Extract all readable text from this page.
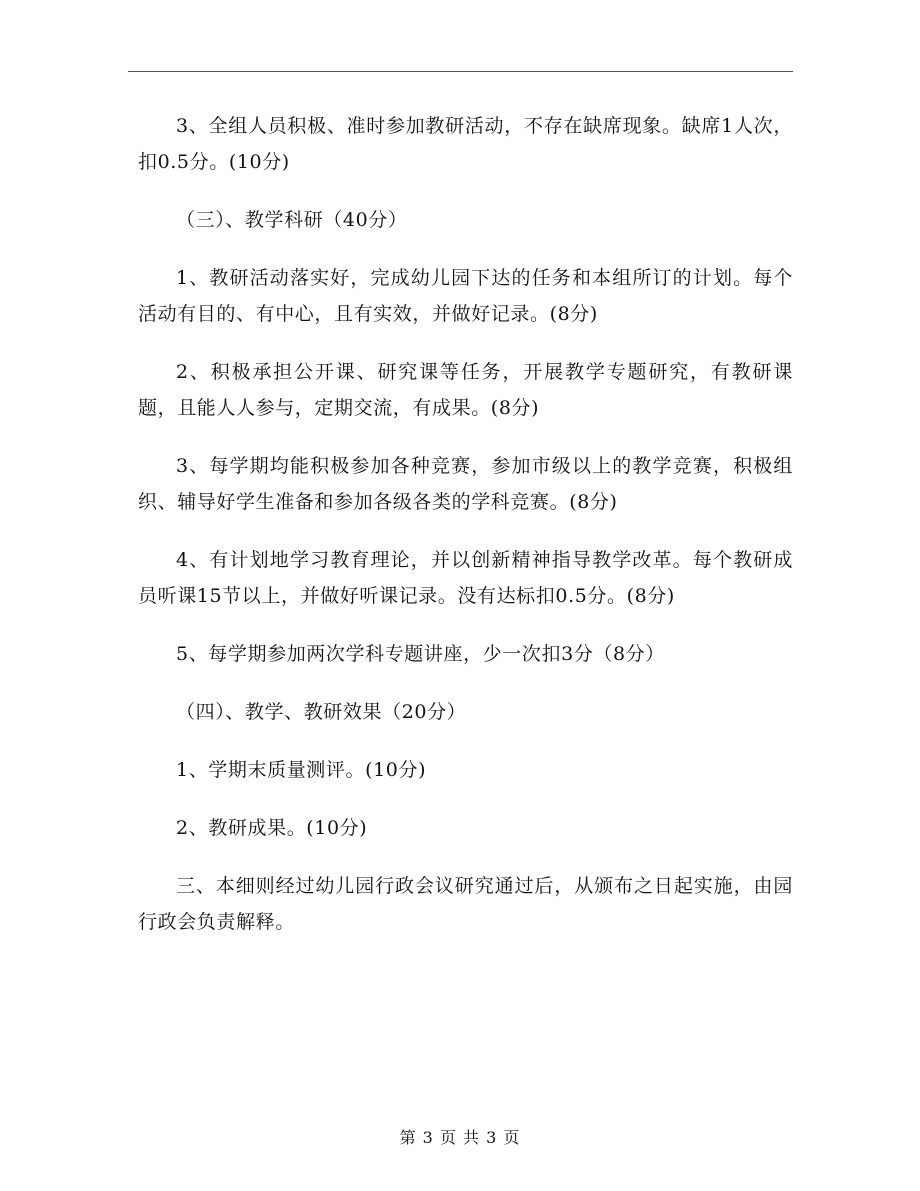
3、全组人员积极、准时参加教研活动，不存在缺席现象。缺席1人次，扣0.5分。(10分)

（三）、教学科研（40分）

1、教研活动落实好，完成幼儿园下达的任务和本组所订的计划。每个活动有目的、有中心，且有实效，并做好记录。(8分)

2、积极承担公开课、研究课等任务，开展教学专题研究，有教研课题，且能人人参与，定期交流，有成果。(8分)

3、每学期均能积极参加各种竞赛，参加市级以上的教学竞赛，积极组织、辅导好学生准备和参加各级各类的学科竞赛。(8分)

4、有计划地学习教育理论，并以创新精神指导教学改革。每个教研成员听课15节以上，并做好听课记录。没有达标扣0.5分。(8分)

5、每学期参加两次学科专题讲座，少一次扣3分（8分）

（四）、教学、教研效果（20分）

1、学期末质量测评。(10分)

2、教研成果。(10分)

三、本细则经过幼儿园行政会议研究通过后，从颁布之日起实施，由园行政会负责解释。

第 3 页 共 3 页
